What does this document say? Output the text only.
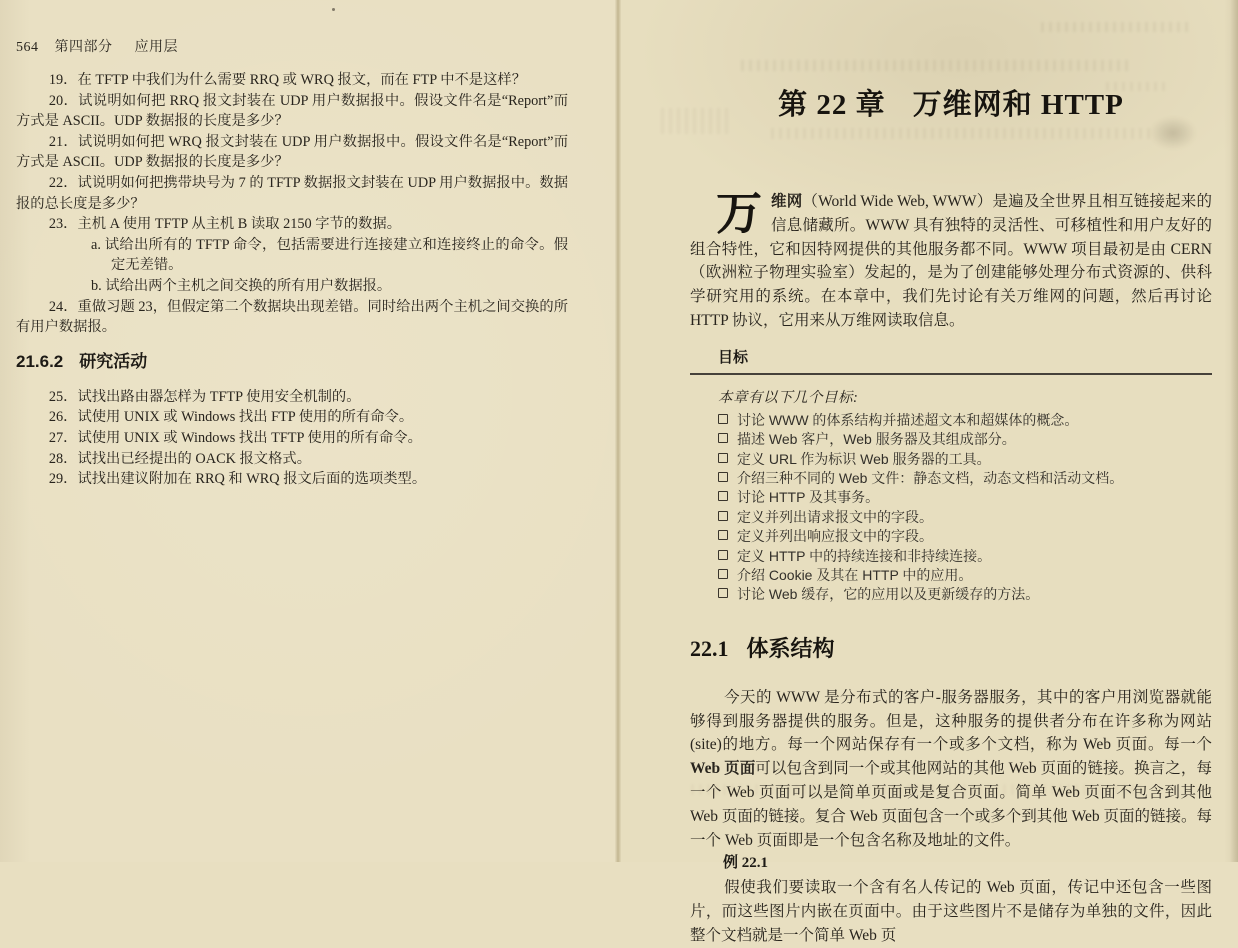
564 第四部分 应用层

19．在 TFTP 中我们为什么需要 RRQ 或 WRQ 报文，而在 FTP 中不是这样？

20．试说明如何把 RRQ 报文封装在 UDP 用户数据报中。假设文件名是“Report”而方式是 ASCII。UDP 数据报的长度是多少？

21．试说明如何把 WRQ 报文封装在 UDP 用户数据报中。假设文件名是“Report”而方式是 ASCII。UDP 数据报的长度是多少？

22．试说明如何把携带块号为 7 的 TFTP 数据报文封装在 UDP 用户数据报中。数据报的总长度是多少？

23．主机 A 使用 TFTP 从主机 B 读取 2150 字节的数据。

a. 试给出所有的 TFTP 命令，包括需要进行连接建立和连接终止的命令。假定无差错。

b. 试给出两个主机之间交换的所有用户数据报。

24．重做习题 23，但假定第二个数据块出现差错。同时给出两个主机之间交换的所有用户数据报。

21.6.2 研究活动

25．试找出路由器怎样为 TFTP 使用安全机制的。

26．试使用 UNIX 或 Windows 找出 FTP 使用的所有命令。

27．试使用 UNIX 或 Windows 找出 TFTP 使用的所有命令。

28．试找出已经提出的 OACK 报文格式。

29．试找出建议附加在 RRQ 和 WRQ 报文后面的选项类型。

第 22 章 万维网和 HTTP

万维网（World Wide Web, WWW）是遍及全世界且相互链接起来的信息储藏所。WWW 具有独特的灵活性、可移植性和用户友好的组合特性，它和因特网提供的其他服务都不同。WWW 项目最初是由 CERN（欧洲粒子物理实验室）发起的，是为了创建能够处理分布式资源的、供科学研究用的系统。在本章中，我们先讨论有关万维网的问题，然后再讨论 HTTP 协议，它用来从万维网读取信息。

目标

本章有以下几个目标:

讨论 WWW 的体系结构并描述超文本和超媒体的概念。
描述 Web 客户，Web 服务器及其组成部分。
定义 URL 作为标识 Web 服务器的工具。
介绍三种不同的 Web 文件：静态文档，动态文档和活动文档。
讨论 HTTP 及其事务。
定义并列出请求报文中的字段。
定义并列出响应报文中的字段。
定义 HTTP 中的持续连接和非持续连接。
介绍 Cookie 及其在 HTTP 中的应用。
讨论 Web 缓存，它的应用以及更新缓存的方法。
22.1 体系结构

今天的 WWW 是分布式的客户-服务器服务，其中的客户用浏览器就能够得到服务器提供的服务。但是，这种服务的提供者分布在许多称为网站(site)的地方。每一个网站保存有一个或多个文档，称为 Web 页面。每一个 Web 页面可以包含到同一个或其他网站的其他 Web 页面的链接。换言之，每一个 Web 页面可以是简单页面或是复合页面。简单 Web 页面不包含到其他 Web 页面的链接。复合 Web 页面包含一个或多个到其他 Web 页面的链接。每一个 Web 页面即是一个包含名称及地址的文件。

例 22.1

假使我们要读取一个含有名人传记的 Web 页面，传记中还包含一些图片，而这些图片内嵌在页面中。由于这些图片不是储存为单独的文件，因此整个文档就是一个简单 Web 页
